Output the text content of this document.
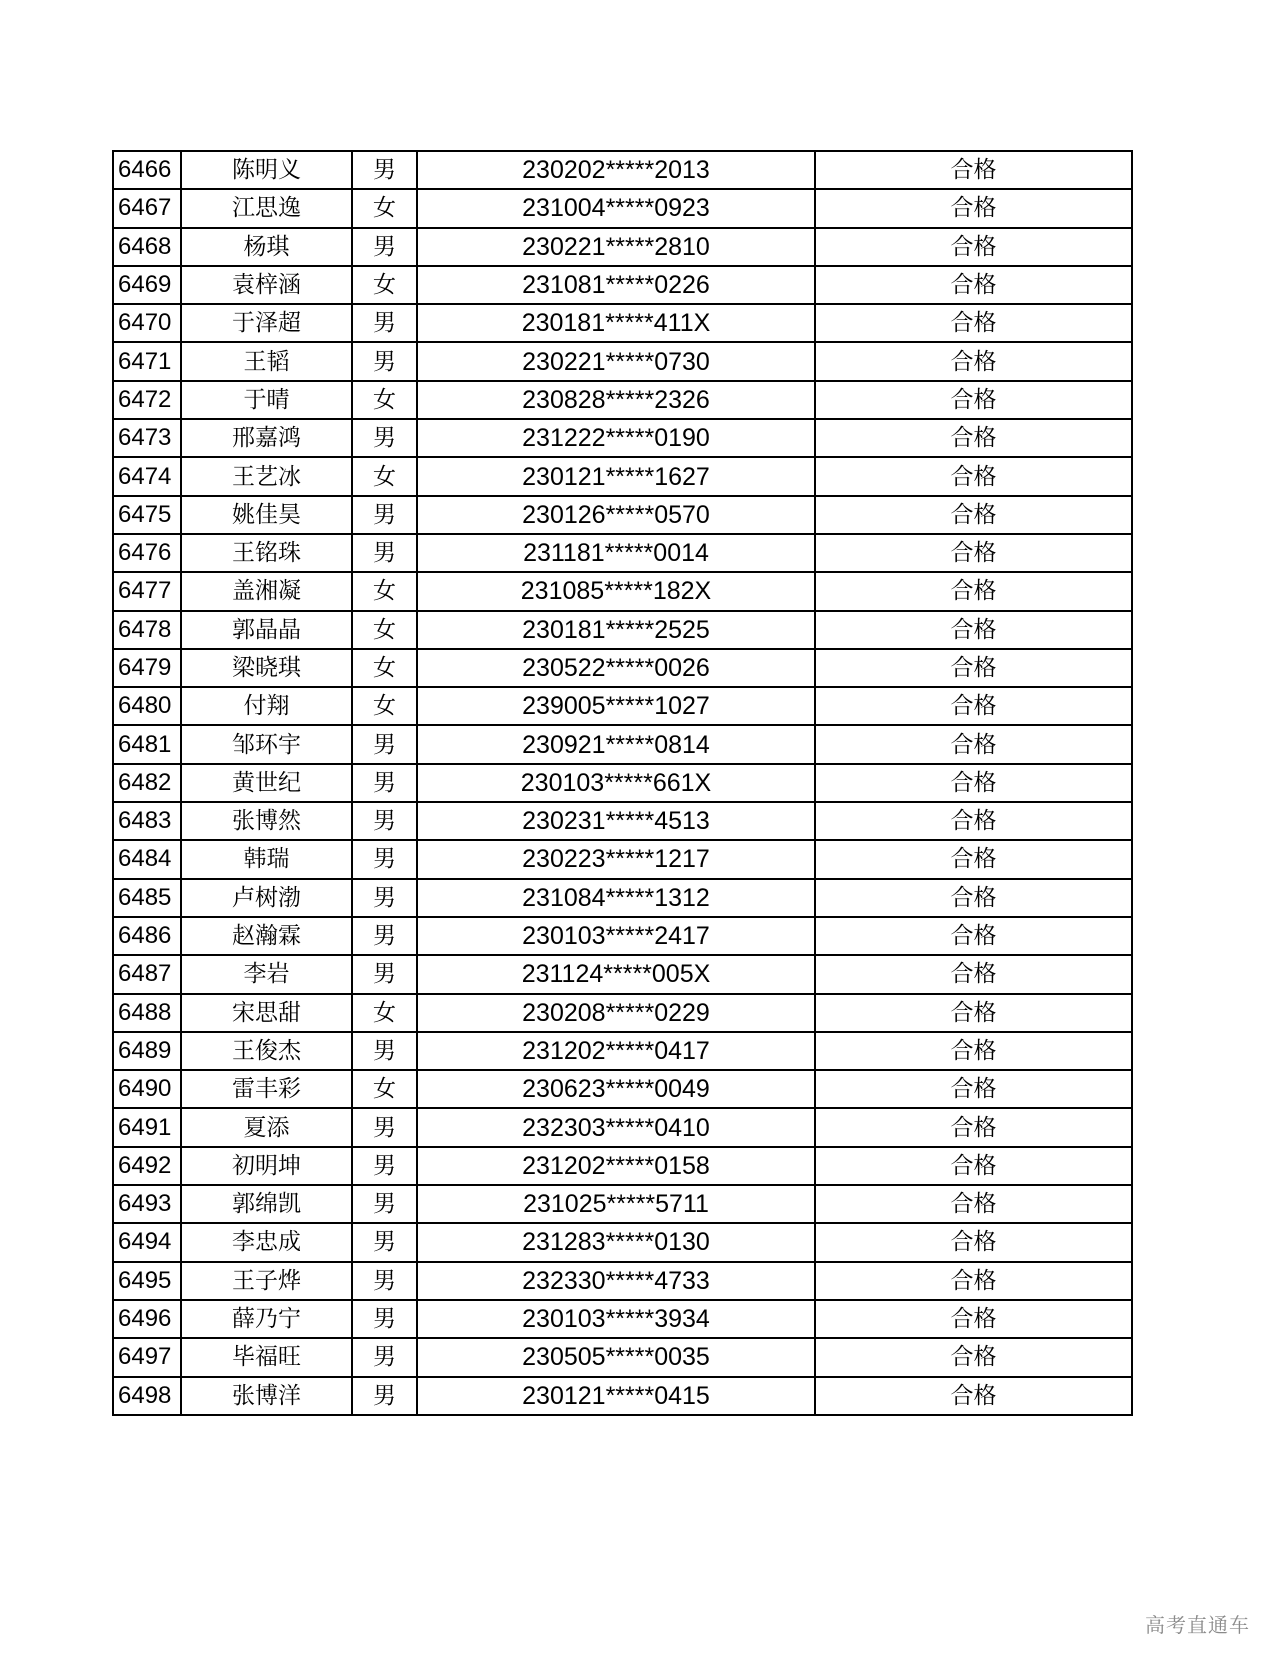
6466	陈明义	男	230202*****2013	合格
6467	江思逸	女	231004*****0923	合格
6468	杨琪	男	230221*****2810	合格
6469	袁梓涵	女	231081*****0226	合格
6470	于泽超	男	230181*****411X	合格
6471	王韬	男	230221*****0730	合格
6472	于晴	女	230828*****2326	合格
6473	邢嘉鸿	男	231222*****0190	合格
6474	王艺冰	女	230121*****1627	合格
6475	姚佳昊	男	230126*****0570	合格
6476	王铭珠	男	231181*****0014	合格
6477	盖湘凝	女	231085*****182X	合格
6478	郭晶晶	女	230181*****2525	合格
6479	梁晓琪	女	230522*****0026	合格
6480	付翔	女	239005*****1027	合格
6481	邹环宇	男	230921*****0814	合格
6482	黄世纪	男	230103*****661X	合格
6483	张博然	男	230231*****4513	合格
6484	韩瑞	男	230223*****1217	合格
6485	卢树渤	男	231084*****1312	合格
6486	赵瀚霖	男	230103*****2417	合格
6487	李岩	男	231124*****005X	合格
6488	宋思甜	女	230208*****0229	合格
6489	王俊杰	男	231202*****0417	合格
6490	雷丰彩	女	230623*****0049	合格
6491	夏添	男	232303*****0410	合格
6492	初明坤	男	231202*****0158	合格
6493	郭绵凯	男	231025*****5711	合格
6494	李忠成	男	231283*****0130	合格
6495	王子烨	男	232330*****4733	合格
6496	薛乃宁	男	230103*****3934	合格
6497	毕福旺	男	230505*****0035	合格
6498	张博洋	男	230121*****0415	合格
高考直通车
